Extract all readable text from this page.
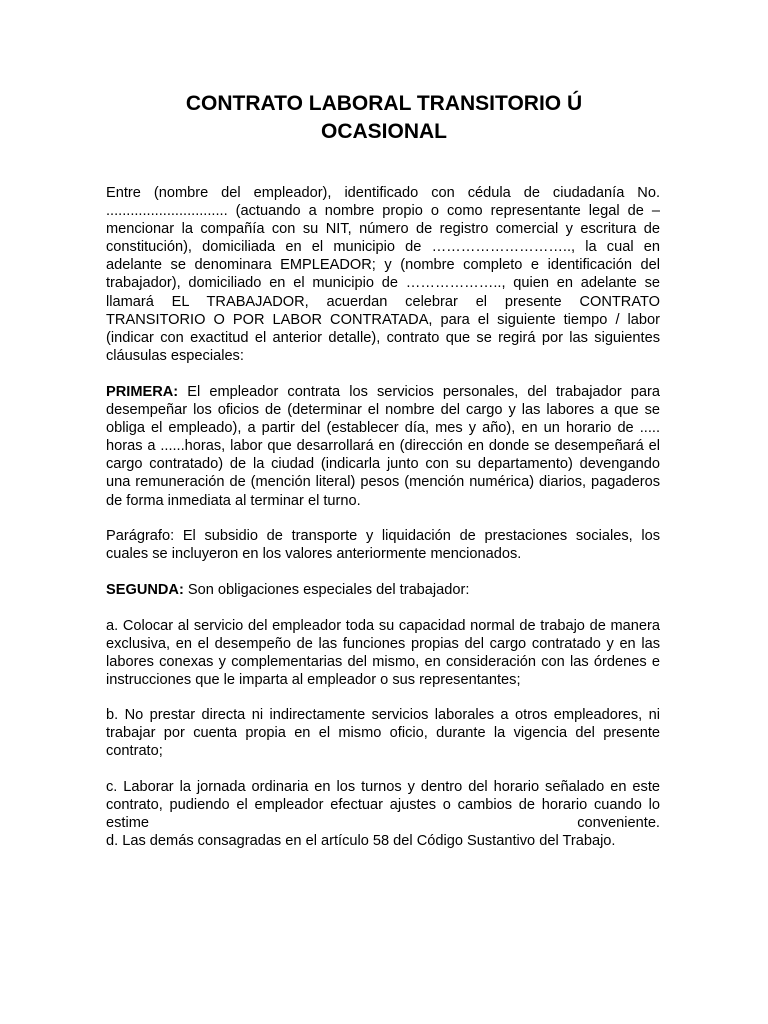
CONTRATO LABORAL TRANSITORIO Ú
OCASIONAL

Entre (nombre del empleador), identificado con cédula de ciudadanía No. .............................. (actuando a nombre propio o como representante legal de – mencionar la compañía con su NIT, número de registro comercial y escritura de constitución), domiciliada en el municipio de ……………………….., la cual en adelante se denominara EMPLEADOR; y (nombre completo e identificación del trabajador), domiciliado en el municipio de ……………….., quien en adelante se llamará EL TRABAJADOR, acuerdan celebrar el presente CONTRATO TRANSITORIO O POR LABOR CONTRATADA, para el siguiente tiempo / labor (indicar con exactitud el anterior detalle), contrato que se regirá por las siguientes cláusulas especiales:

PRIMERA: El empleador contrata los servicios personales, del trabajador para desempeñar los oficios de (determinar el nombre del cargo y las labores a que se obliga el empleado), a partir del (establecer día, mes y año), en un horario de ..... horas a ......horas, labor que desarrollará en (dirección en donde se desempeñará el cargo contratado) de la ciudad (indicarla junto con su departamento) devengando una remuneración de (mención literal) pesos (mención numérica) diarios, pagaderos de forma inmediata al terminar el turno.

Parágrafo: El subsidio de transporte y liquidación de prestaciones sociales, los cuales se incluyeron en los valores anteriormente mencionados.

SEGUNDA: Son obligaciones especiales del trabajador:

a. Colocar al servicio del empleador toda su capacidad normal de trabajo de manera exclusiva, en el desempeño de las funciones propias del cargo contratado y en las labores conexas y complementarias del mismo, en consideración con las órdenes e instrucciones que le imparta al empleador o sus representantes;

b. No prestar directa ni indirectamente servicios laborales a otros empleadores, ni trabajar por cuenta propia en el mismo oficio, durante la vigencia del presente contrato;

c. Laborar la jornada ordinaria en los turnos y dentro del horario señalado en este contrato, pudiendo el empleador efectuar ajustes o cambios de horario cuando lo estime conveniente.

d. Las demás consagradas en el artículo 58 del Código Sustantivo del Trabajo.
